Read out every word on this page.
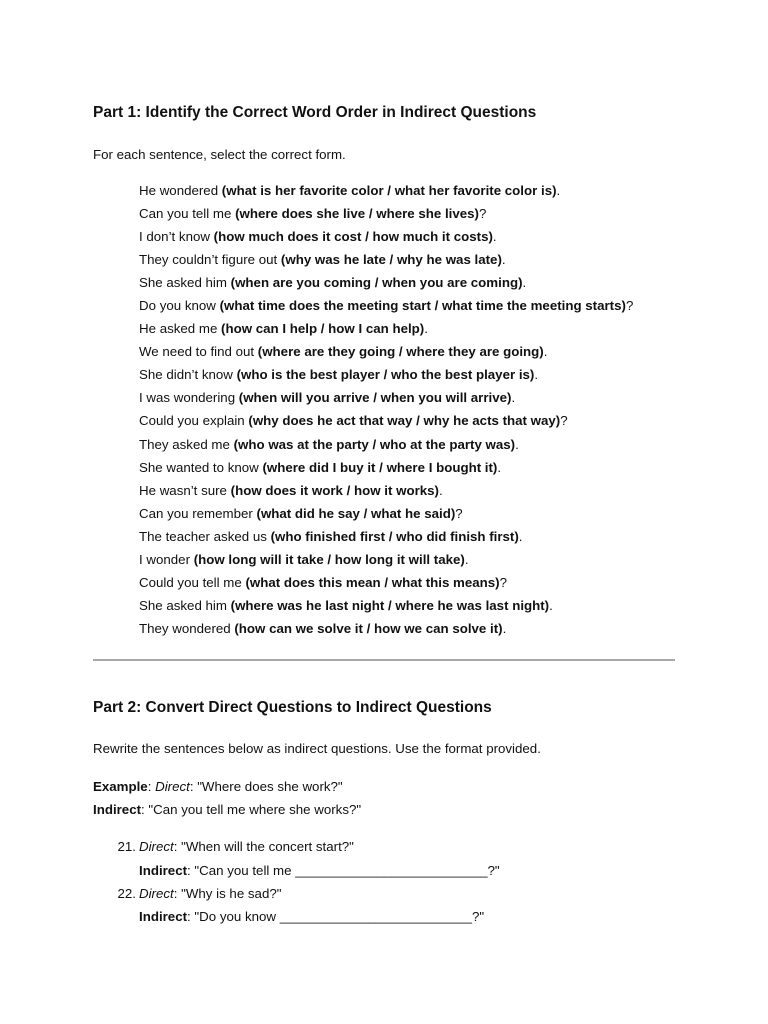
Part 1: Identify the Correct Word Order in Indirect Questions

For each sentence, select the correct form.

He wondered (what is her favorite color / what her favorite color is).
Can you tell me (where does she live / where she lives)?
I don’t know (how much does it cost / how much it costs).
They couldn’t figure out (why was he late / why he was late).
She asked him (when are you coming / when you are coming).
Do you know (what time does the meeting start / what time the meeting starts)?
He asked me (how can I help / how I can help).
We need to find out (where are they going / where they are going).
She didn’t know (who is the best player / who the best player is).
I was wondering (when will you arrive / when you will arrive).
Could you explain (why does he act that way / why he acts that way)?
They asked me (who was at the party / who at the party was).
She wanted to know (where did I buy it / where I bought it).
He wasn’t sure (how does it work / how it works).
Can you remember (what did he say / what he said)?
The teacher asked us (who finished first / who did finish first).
I wonder (how long will it take / how long it will take).
Could you tell me (what does this mean / what this means)?
She asked him (where was he last night / where he was last night).
They wondered (how can we solve it / how we can solve it).
Part 2: Convert Direct Questions to Indirect Questions

Rewrite the sentences below as indirect questions. Use the format provided.

Example: Direct: "Where does she work?"
Indirect: "Can you tell me where she works?"
21. Direct: "When will the concert start?"
Indirect: "Can you tell me __________________________?"
22. Direct: "Why is he sad?"
Indirect: "Do you know __________________________?"
